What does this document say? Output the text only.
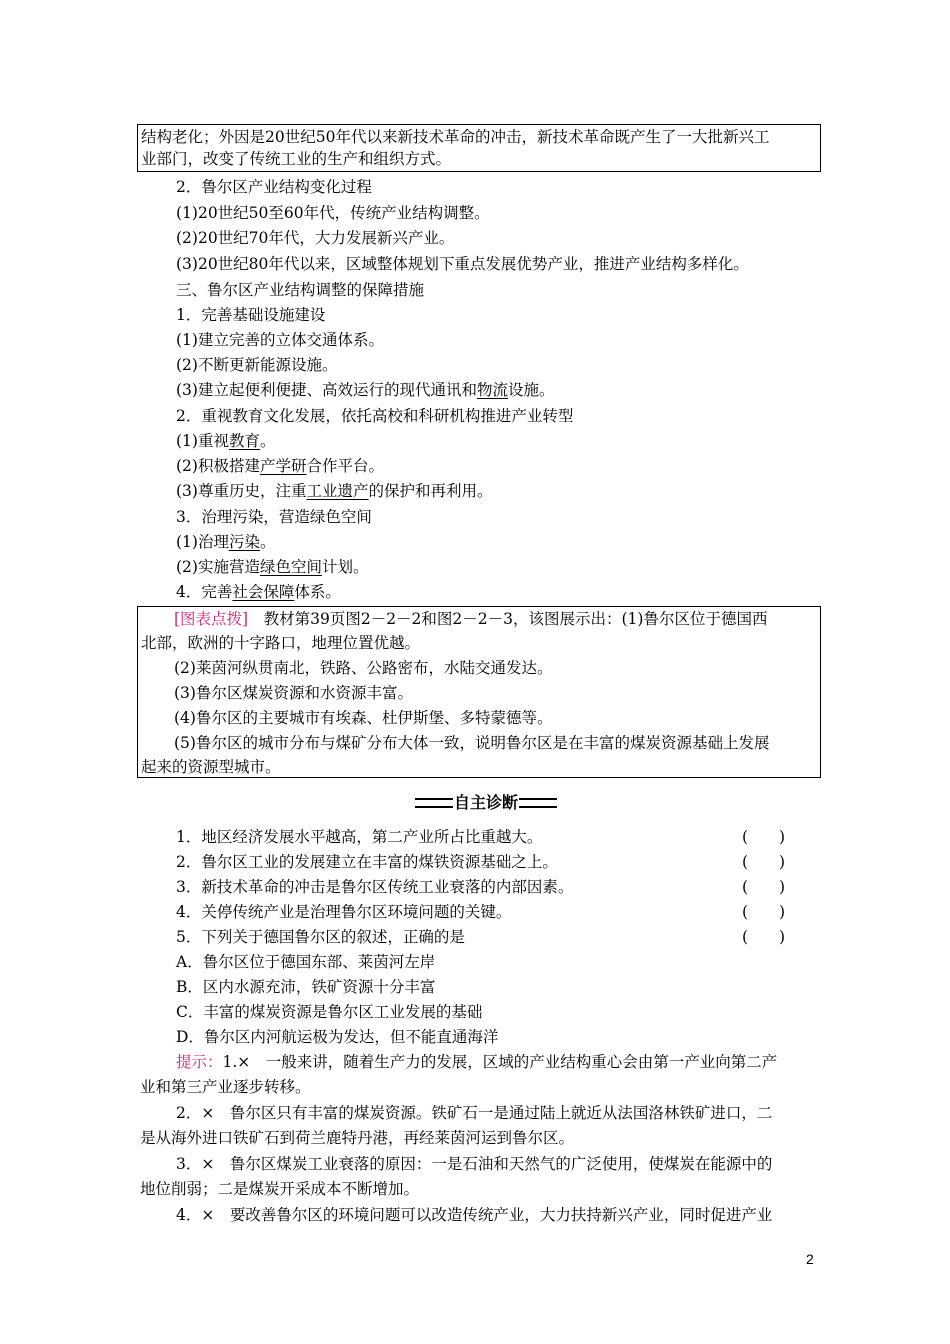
结构老化；外因是20世纪50年代以来新技术革命的冲击，新技术革命既产生了一大批新兴工
业部门，改变了传统工业的生产和组织方式。
2．鲁尔区产业结构变化过程
(1)20世纪50至60年代，传统产业结构调整。
(2)20世纪70年代，大力发展新兴产业。
(3)20世纪80年代以来，区域整体规划下重点发展优势产业，推进产业结构多样化。
三、鲁尔区产业结构调整的保障措施
1．完善基础设施建设
(1)建立完善的立体交通体系。
(2)不断更新能源设施。
(3)建立起便利便捷、高效运行的现代通讯和物流设施。
2．重视教育文化发展，依托高校和科研机构推进产业转型
(1)重视教育。
(2)积极搭建产学研合作平台。
(3)尊重历史，注重工业遗产的保护和再利用。
3．治理污染，营造绿色空间
(1)治理污染。
(2)实施营造绿色空间计划。
4．完善社会保障体系。
[图表点拨]　教材第39页图2－2－2和图2－2－3，该图展示出：(1)鲁尔区位于德国西
北部，欧洲的十字路口，地理位置优越。
(2)莱茵河纵贯南北，铁路、公路密布，水陆交通发达。
(3)鲁尔区煤炭资源和水资源丰富。
(4)鲁尔区的主要城市有埃森、杜伊斯堡、多特蒙德等。
(5)鲁尔区的城市分布与煤矿分布大体一致，说明鲁尔区是在丰富的煤炭资源基础上发展
起来的资源型城市。
自主诊断
1．地区经济发展水平越高，第二产业所占比重越大。	(　　)
2．鲁尔区工业的发展建立在丰富的煤铁资源基础之上。	(　　)
3．新技术革命的冲击是鲁尔区传统工业衰落的内部因素。	(　　)
4．关停传统产业是治理鲁尔区环境问题的关键。	(　　)
5．下列关于德国鲁尔区的叙述，正确的是	(　　)
A．鲁尔区位于德国东部、莱茵河左岸
B．区内水源充沛，铁矿资源十分丰富
C．丰富的煤炭资源是鲁尔区工业发展的基础
D．鲁尔区内河航运极为发达，但不能直通海洋
提示：1.×　一般来讲，随着生产力的发展，区域的产业结构重心会由第一产业向第二产
业和第三产业逐步转移。
2．×　鲁尔区只有丰富的煤炭资源。铁矿石一是通过陆上就近从法国洛林铁矿进口，二
是从海外进口铁矿石到荷兰鹿特丹港，再经莱茵河运到鲁尔区。
3．×　鲁尔区煤炭工业衰落的原因：一是石油和天然气的广泛使用，使煤炭在能源中的
地位削弱；二是煤炭开采成本不断增加。
4．×　要改善鲁尔区的环境问题可以改造传统产业，大力扶持新兴产业，同时促进产业
2
